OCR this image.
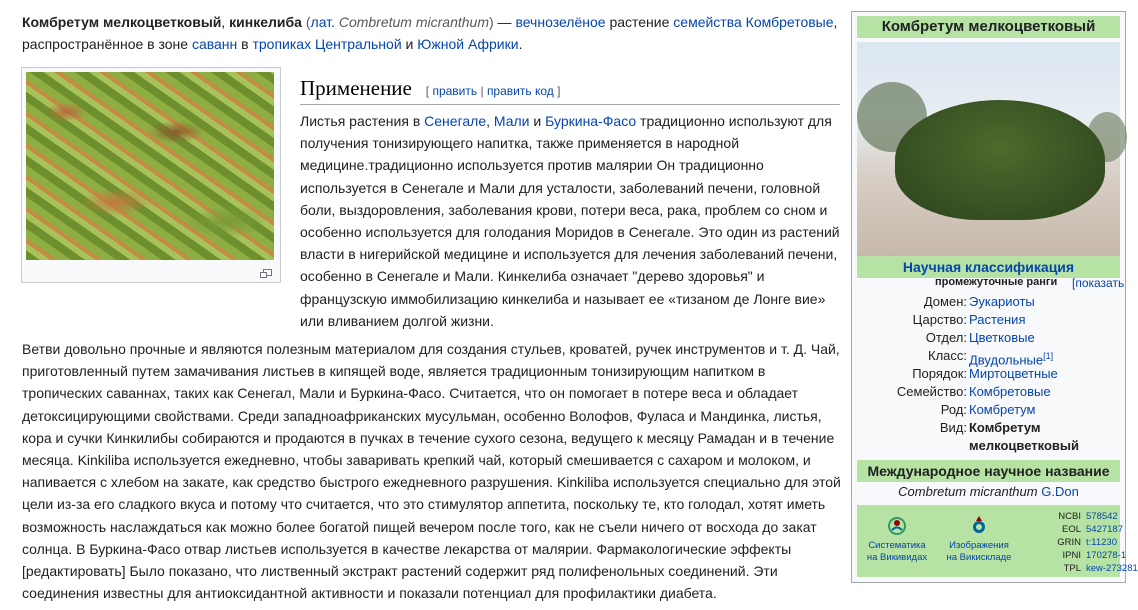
Комбретум мелкоцветковый, кинкелиба (лат. Combretum micranthum) — вечнозелёное растение семейства Комбретовые, распространённое в зоне саванн в тропиках Центральной и Южной Африки.
Применение [ править | править код ]
Листья растения в Сенегале, Мали и Буркина-Фасо традиционно используют для получения тонизирующего напитка, также применяется в народной медицине.традиционно используется против малярии Он традиционно используется в Сенегале и Мали для усталости, заболеваний печени, головной боли, выздоровления, заболевания крови, потери веса, рака, проблем со сном и особенно используется для голодания Моридов в Сенегале. Это один из растений власти в нигерийской медицине и используется для лечения заболеваний печени, особенно в Сенегале и Мали. Кинкелиба означает "дерево здоровья" и французскую иммобилизацию кинкелиба и называет ее «тизаном де Лонге вие» или вливанием долгой жизни.
Ветви довольно прочные и являются полезным материалом для создания стульев, кроватей, ручек инструментов и т. Д. Чай, приготовленный путем замачивания листьев в кипящей воде, является традиционным тонизирующим напитком в тропических саваннах, таких как Сенегал, Мали и Буркина-Фасо. Считается, что он помогает в потере веса и обладает детоксицирующими свойствами. Среди западноафриканских мусульман, особенно Волофов, Фуласа и Мандинка, листья, кора и сучки Кинкилибы собираются и продаются в пучках в течение сухого сезона, ведущего к месяцу Рамадан и в течение месяца. Kinkiliba используется ежедневно, чтобы заваривать крепкий чай, который смешивается с сахаром и молоком, и напивается с хлебом на закате, как средство быстрого ежедневного разрушения. Kinkiliba используется специально для этой цели из-за его сладкого вкуса и потому что считается, что это стимулятор аппетита, поскольку те, кто голодал, хотят иметь возможность наслаждаться как можно более богатой пищей вечером после того, как не съели ничего от восхода до закат солнца. В Буркина-Фасо отвар листьев используется в качестве лекарства от малярии. Фармакологические эффекты [редактировать] Было показано, что лиственный экстракт растений содержит ряд полифенольных соединений. Эти соединения известны для антиоксидантной активности и показали потенциал для профилактики диабета.
Комбретум мелкоцветковый
Научная классификация
промежуточные ранги [показать
Домен: Эукариоты
Царство: Растения
Отдел: Цветковые
Класс: Двудольные[1]
Порядок: Миртоцветные
Семейство: Комбретовые
Род: Комбретум
Вид: Комбретум
мелкоцветковый
Международное научное название
Combretum micranthum G.Don
Систематика
на Викивидах
Изображения
на Викискладе
NCBI 578542
EOL 5427187
GRIN t:11230
IPNI 170278-1
TPL kew-273281
